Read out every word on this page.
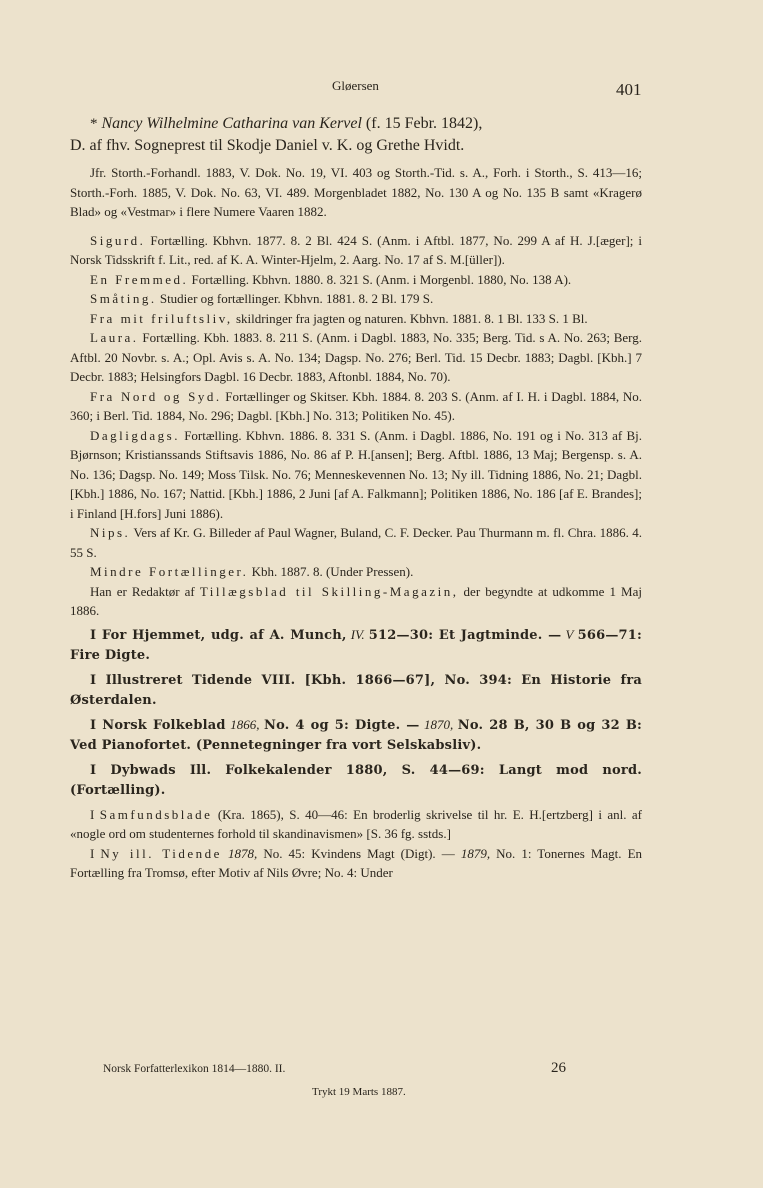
Gløersen	401

* Nancy Wilhelmine Catharina van Kervel (f. 15 Febr. 1842),

D. af fhv. Sogneprest til Skodje Daniel v. K. og Grethe Hvidt.

Jfr. Storth.-Forhandl. 1883, V. Dok. No. 19, VI. 403 og Storth.-Tid. s. A., Forh. i Storth., S. 413—16; Storth.-Forh. 1885, V. Dok. No. 63, VI. 489. Morgenbladet 1882, No. 130 A og No. 135 B samt «Kragerø Blad» og «Vestmar» i flere Numere Vaaren 1882.

Sigurd. Fortælling. Kbhvn. 1877. 8. 2 Bl. 424 S. (Anm. i Aftbl. 1877, No. 299 A af H. J.[æger]; i Norsk Tidsskrift f. Lit., red. af K. A. Winter-Hjelm, 2. Aarg. No. 17 af S. M.[üller]).

En Fremmed. Fortælling. Kbhvn. 1880. 8. 321 S. (Anm. i Morgenbl. 1880, No. 138 A).

Småting. Studier og fortællinger. Kbhvn. 1881. 8. 2 Bl. 179 S.

Fra mit friluftsliv, skildringer fra jagten og naturen. Kbhvn. 1881. 8. 1 Bl. 133 S. 1 Bl.

Laura. Fortælling. Kbh. 1883. 8. 211 S. (Anm. i Dagbl. 1883, No. 335; Berg. Tid. s A. No. 263; Berg. Aftbl. 20 Novbr. s. A.; Opl. Avis s. A. No. 134; Dagsp. No. 276; Berl. Tid. 15 Decbr. 1883; Dagbl. [Kbh.] 7 Decbr. 1883; Helsingfors Dagbl. 16 Decbr. 1883, Aftonbl. 1884, No. 70).

Fra Nord og Syd. Fortællinger og Skitser. Kbh. 1884. 8. 203 S. (Anm. af I. H. i Dagbl. 1884, No. 360; i Berl. Tid. 1884, No. 296; Dagbl. [Kbh.] No. 313; Politiken No. 45).

Dagligdags. Fortælling. Kbhvn. 1886. 8. 331 S. (Anm. i Dagbl. 1886, No. 191 og i No. 313 af Bj. Bjørnson; Kristianssands Stiftsavis 1886, No. 86 af P. H.[ansen]; Berg. Aftbl. 1886, 13 Maj; Bergensp. s. A. No. 136; Dagsp. No. 149; Moss Tilsk. No. 76; Menneskevennen No. 13; Ny ill. Tidning 1886, No. 21; Dagbl. [Kbh.] 1886, No. 167; Nattid. [Kbh.] 1886, 2 Juni [af A. Falkmann]; Politiken 1886, No. 186 [af E. Brandes]; i Finland [H.fors] Juni 1886).

Nips. Vers af Kr. G. Billeder af Paul Wagner, Buland, C. F. Decker. Pau Thurmann m. fl. Chra. 1886. 4. 55 S.

Mindre Fortællinger. Kbh. 1887. 8. (Under Pressen).

Han er Redaktør af Tillægsblad til Skilling-Magazin, der begyndte at udkomme 1 Maj 1886.

I For Hjemmet, udg. af A. Munch, IV. 512—30: Et Jagtminde. — V 566—71: Fire Digte.

I Illustreret Tidende VIII. [Kbh. 1866—67], No. 394: En Historie fra Østerdalen.

I Norsk Folkeblad 1866, No. 4 og 5: Digte. — 1870, No. 28 B, 30 B og 32 B: Ved Pianofortet. (Pennetegninger fra vort Selskabsliv).

I Dybwads Ill. Folkekalender 1880, S. 44—69: Langt mod nord. (Fortælling).

I Samfundsblade (Kra. 1865), S. 40—46: En broderlig skrivelse til hr. E. H.[ertzberg] i anl. af «nogle ord om studenternes forhold til skandinavismen» [S. 36 fg. sstds.]

I Ny ill. Tidende 1878, No. 45: Kvindens Magt (Digt). — 1879, No. 1: Tonernes Magt. En Fortælling fra Tromsø, efter Motiv af Nils Øvre; No. 4: Under

Norsk Forfatterlexikon 1814—1880. II.	26
Trykt 19 Marts 1887.
